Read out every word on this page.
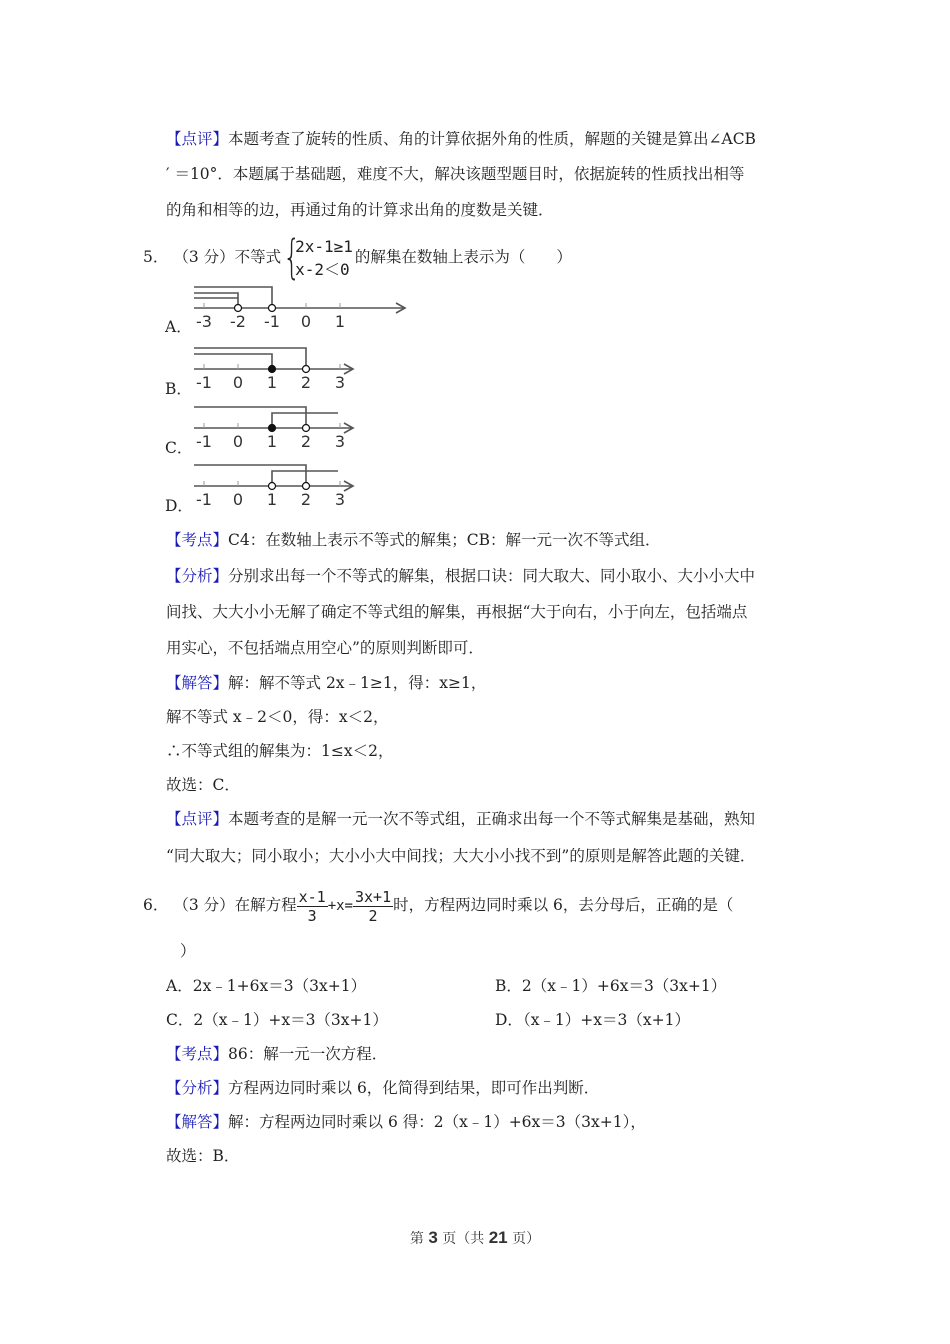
【点评】本题考查了旋转的性质、角的计算依据外角的性质，解题的关键是算出∠ACB
′ ＝10°．本题属于基础题，难度不大，解决该题型题目时，依据旋转的性质找出相等
的角和相等的边，再通过角的计算求出角的度数是关键．
5． （3 分）不等式 {
2x-1≥1
x-2＜0
的解集在数轴上表示为（　　）
A． -3 -2 -1 0 1
B． -1 0 1 2 3
C． -1 0 1 2 3
D． -1 0 1 2 3
【考点】C4：在数轴上表示不等式的解集；CB：解一元一次不等式组．
【分析】分别求出每一个不等式的解集，根据口诀：同大取大、同小取小、大小小大中
间找、大大小小无解了确定不等式组的解集，再根据“大于向右，小于向左，包括端点
用实心，不包括端点用空心”的原则判断即可．
【解答】解：解不等式 2x﹣1≥1，得：x≥1，
解不等式 x﹣2＜0，得：x＜2，
∴不等式组的解集为：1≤x＜2，
故选：C．
【点评】本题考查的是解一元一次不等式组，正确求出每一个不等式解集是基础，熟知
“同大取大；同小取小；大小小大中间找；大大小小找不到”的原则是解答此题的关键．
6． （3 分）在解方程 $\frac{x-1}{3} +x= \frac{3x+1}{2}$ 时，方程两边同时乘以 6，去分母后，正确的是（
）
A．2x﹣1+6x＝3（3x+1）	B．2（x﹣1）+6x＝3（3x+1）
C．2（x﹣1）+x＝3（3x+1）	D．（x﹣1）+x＝3（x+1）
【考点】86：解一元一次方程．
【分析】方程两边同时乘以 6，化简得到结果，即可作出判断．
【解答】解：方程两边同时乘以 6 得：2（x﹣1）+6x＝3（3x+1），
故选：B．
第 3 页（共 21 页）
